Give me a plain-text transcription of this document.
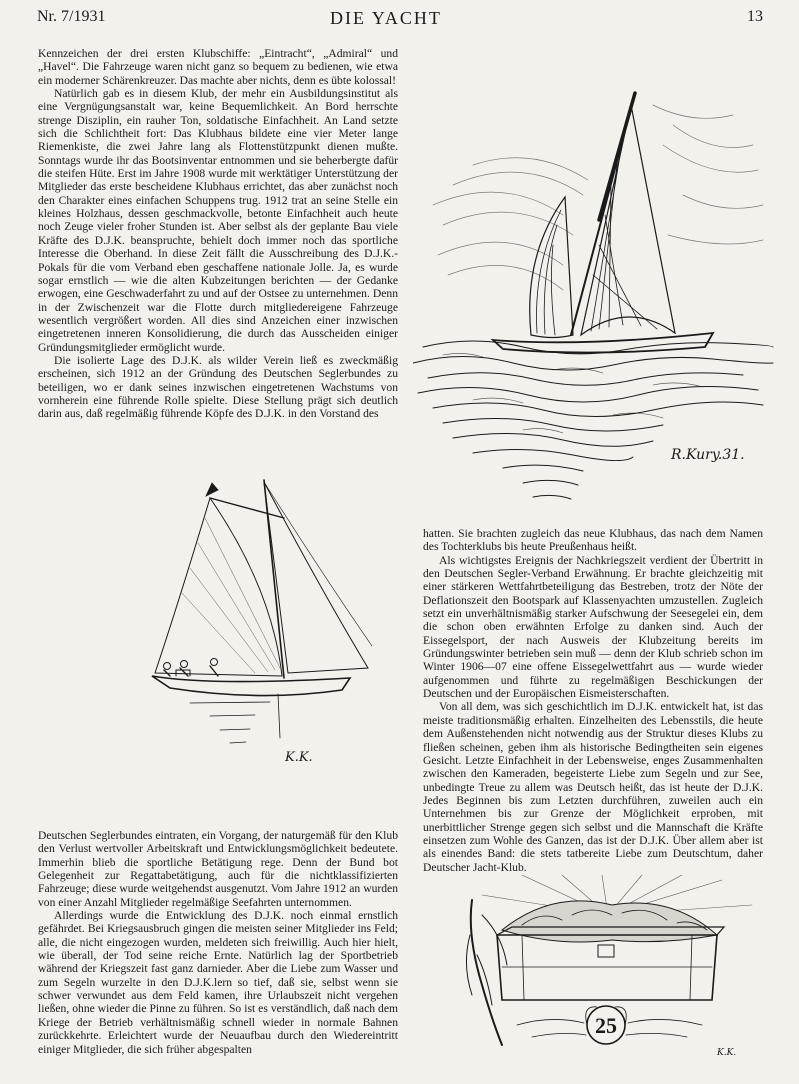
Nr. 7/1931	DIE YACHT	13

Kennzeichen der drei ersten Klubschiffe: „Eintracht“, „Admiral“ und „Havel“. Die Fahrzeuge waren nicht ganz so bequem zu bedienen, wie etwa ein moderner Schärenkreuzer. Das machte aber nichts, denn es übte kolossal!

Natürlich gab es in diesem Klub, der mehr ein Ausbildungsinstitut als eine Vergnügungsanstalt war, keine Bequemlichkeit. An Bord herrschte strenge Disziplin, ein rauher Ton, soldatische Einfachheit. An Land setzte sich die Schlichtheit fort: Das Klubhaus bildete eine vier Meter lange Riemenkiste, die zwei Jahre lang als Flottenstützpunkt dienen mußte. Sonntags wurde ihr das Bootsinventar entnommen und sie beherbergte dafür die steifen Hüte. Erst im Jahre 1908 wurde mit werktätiger Unterstützung der Mitglieder das erste bescheidene Klubhaus errichtet, das aber zunächst noch den Charakter eines einfachen Schuppens trug. 1912 trat an seine Stelle ein kleines Holzhaus, dessen geschmackvolle, betonte Einfachheit auch heute noch Zeuge vieler froher Stunden ist. Aber selbst als der geplante Bau viele Kräfte des D.J.K. beanspruchte, behielt doch immer noch das sportliche Interesse die Oberhand. In diese Zeit fällt die Ausschreibung des D.J.K.-Pokals für die vom Verband eben geschaffene nationale Jolle. Ja, es wurde sogar ernstlich — wie die alten Kubzeitungen berichten — der Gedanke erwogen, eine Geschwaderfahrt zu und auf der Ostsee zu unternehmen. Denn in der Zwischenzeit war die Flotte durch mitgliedereigene Fahrzeuge wesentlich vergrößert worden. All dies sind Anzeichen einer inzwischen eingetretenen inneren Konsolidierung, die durch das Ausscheiden einiger Gründungsmitglieder ermöglicht wurde.

Die isolierte Lage des D.J.K. als wilder Verein ließ es zweckmäßig erscheinen, sich 1912 an der Gründung des Deutschen Seglerbundes zu beteiligen, wo er dank seines inzwischen eingetretenen Wachstums von vornherein eine führende Rolle spielte. Diese Stellung prägt sich deutlich darin aus, daß regelmäßig führende Köpfe des D.J.K. in den Vorstand des

Deutschen Seglerbundes eintraten, ein Vorgang, der naturgemäß für den Klub den Verlust wertvoller Arbeitskraft und Entwicklungsmöglichkeit bedeutete. Immerhin blieb die sportliche Betätigung rege. Denn der Bund bot Gelegenheit zur Regattabetätigung, auch für die nichtklassifizierten Fahrzeuge; diese wurde weitgehendst ausgenutzt. Vom Jahre 1912 an wurden von einer Anzahl Mitglieder regelmäßige Seefahrten unternommen.

Allerdings wurde die Entwicklung des D.J.K. noch einmal ernstlich gefährdet. Bei Kriegsausbruch gingen die meisten seiner Mitglieder ins Feld; alle, die nicht eingezogen wurden, meldeten sich freiwillig. Auch hier hielt, wie überall, der Tod seine reiche Ernte. Natürlich lag der Sportbetrieb während der Kriegszeit fast ganz darnieder. Aber die Liebe zum Wasser und zum Segeln wurzelte in den D.J.K.lern so tief, daß sie, selbst wenn sie schwer verwundet aus dem Feld kamen, ihre Urlaubszeit nicht vergehen ließen, ohne wieder die Pinne zu führen. So ist es verständlich, daß nach dem Kriege der Betrieb verhältnismäßig schnell wieder in normale Bahnen zurückkehrte. Erleichtert wurde der Neuaufbau durch den Wiedereintritt einiger Mitglieder, die sich früher abgespalten

hatten. Sie brachten zugleich das neue Klubhaus, das nach dem Namen des Tochterklubs bis heute Preußenhaus heißt.

Als wichtigstes Ereignis der Nachkriegszeit verdient der Übertritt in den Deutschen Segler-Verband Erwähnung. Er brachte gleichzeitig mit einer stärkeren Wettfahrtbeteiligung das Bestreben, trotz der Nöte der Deflationszeit den Bootspark auf Klassenyachten umzustellen. Zugleich setzt ein unverhältnismäßig starker Aufschwung der Seesegelei ein, dem die schon oben erwähnten Erfolge zu danken sind. Auch der Eissegelsport, der nach Ausweis der Klubzeitung bereits im Gründungswinter betrieben sein muß — denn der Klub schrieb schon im Winter 1906—07 eine offene Eissegelwettfahrt aus — wurde wieder aufgenommen und führte zu regelmäßigen Beschickungen der Deutschen und der Europäischen Eismeisterschaften.

Von all dem, was sich geschichtlich im D.J.K. entwickelt hat, ist das meiste traditionsmäßig erhalten. Einzelheiten des Lebensstils, die heute dem Außenstehenden nicht notwendig aus der Struktur dieses Klubs zu fließen scheinen, geben ihm als historische Bedingtheiten sein eigenes Gesicht. Letzte Einfachheit in der Lebensweise, enges Zusammenhalten zwischen den Kameraden, begeisterte Liebe zum Segeln und zur See, unbedingte Treue zu allem was Deutsch heißt, das ist heute der D.J.K. Jedes Beginnen bis zum Letzten durchführen, zuweilen auch ein Unternehmen bis zur Grenze der Möglichkeit erproben, mit unerbittlicher Strenge gegen sich selbst und die Mannschaft die Kräfte einsetzen zum Wohle des Ganzen, das ist der D.J.K. Über allem aber ist als einendes Band: die stets tatbereite Liebe zum Deutschtum, daher Deutscher Jacht-Klub.

R.Kury.31.
K.K.
25
K.K.
